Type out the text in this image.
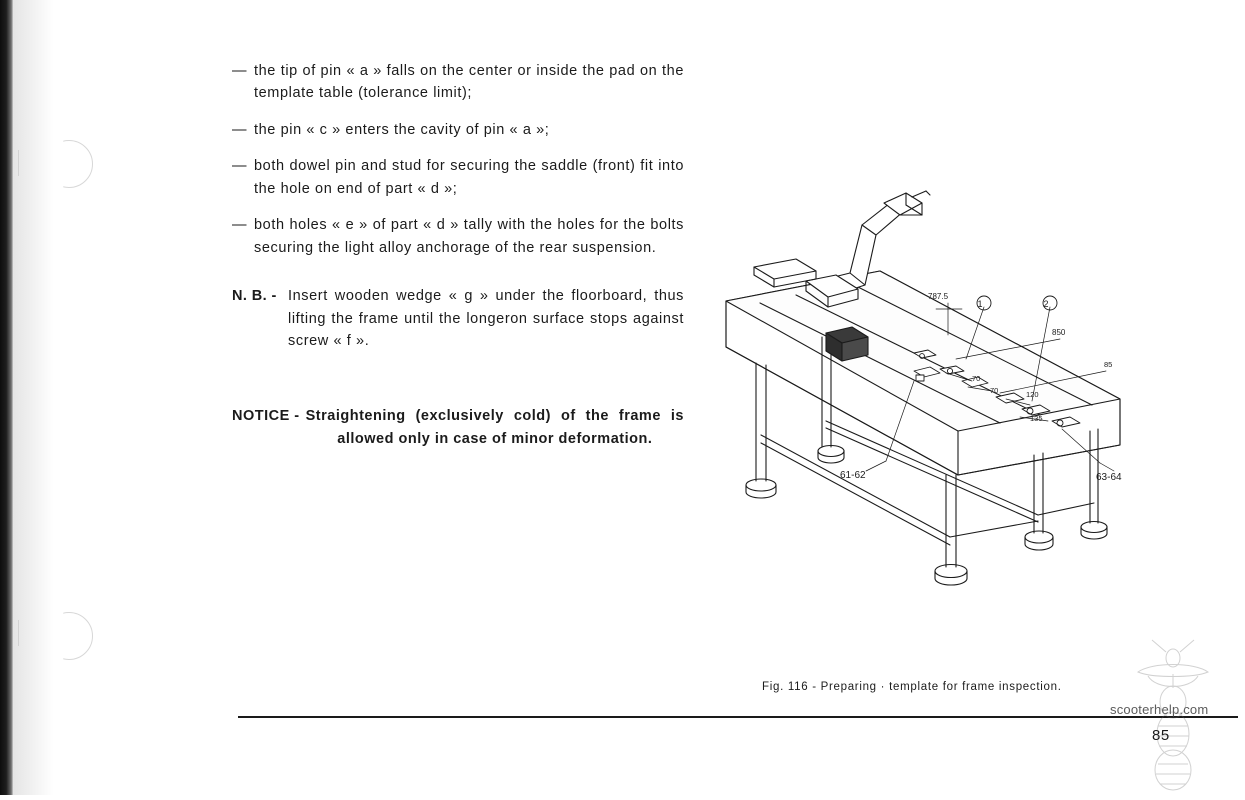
— the tip of pin « a » falls on the center or inside the pad on the template table (tolerance limit);
— the pin « c » enters the cavity of pin « a »;
— both dowel pin and stud for securing the saddle (front) fit into the hole on end of part « d »;
— both holes « e » of part « d » tally with the holes for the bolts securing the light alloy anchorage of the rear suspension.
N. B. - Insert wooden wedge « g » under the floorboard, thus lifting the frame until the longeron surface stops against screw « f ».
NOTICE - Straightening (exclusively cold) of the frame is allowed only in case of minor deformation.
787.5
1	2
850
85
70
70	120
135
61-62	63-64
Fig. 116 - Preparing · template for frame inspection.
scooterhelp.com
85
